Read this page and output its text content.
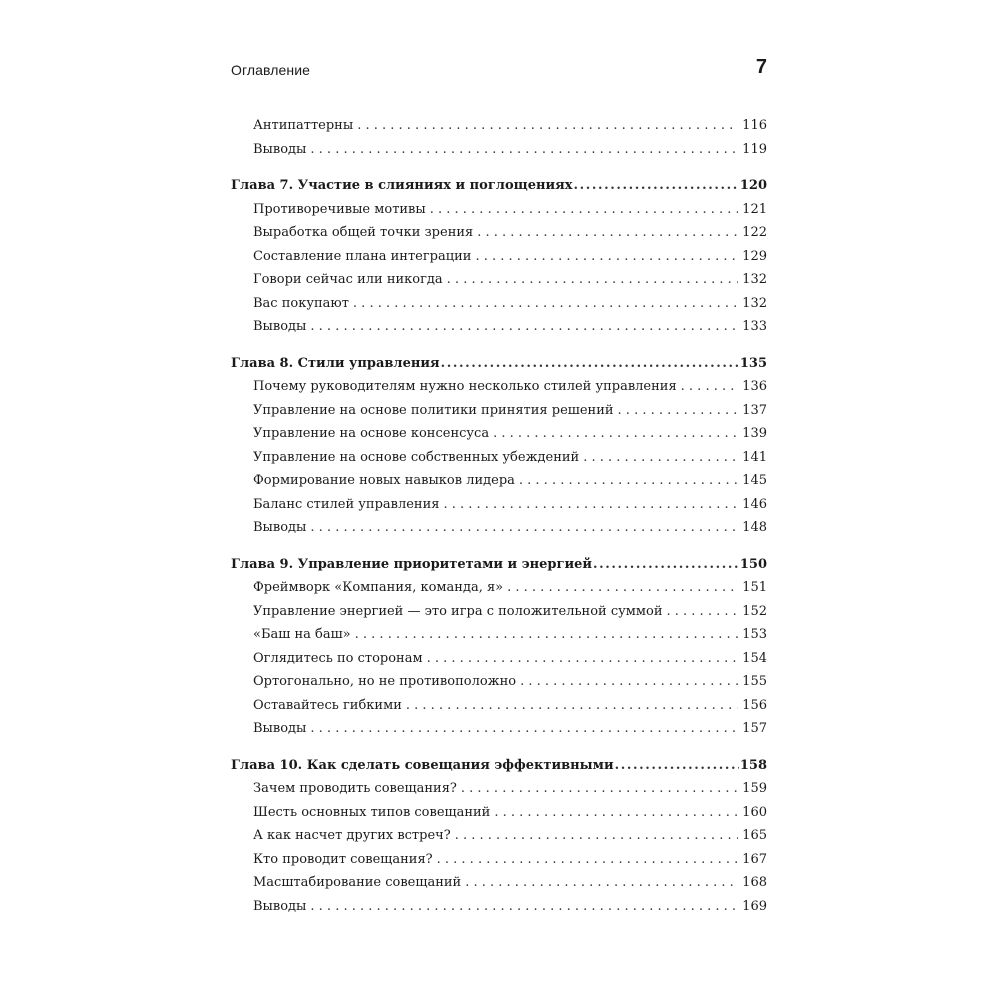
Оглавление	7
Антипаттерны . . .	116
Выводы . . .	119
Глава 7. Участие в слияниях и поглощениях .....	120
Противоречивые мотивы . . .	121
Выработка общей точки зрения . . .	122
Составление плана интеграции . . .	129
Говори сейчас или никогда . . .	132
Вас покупают . . .	132
Выводы . . .	133
Глава 8. Стили управления .....	135
Почему руководителям нужно несколько стилей управления . . .	136
Управление на основе политики принятия решений . . .	137
Управление на основе консенсуса . . .	139
Управление на основе собственных убеждений . . .	141
Формирование новых навыков лидера . . .	145
Баланс стилей управления . . .	146
Выводы . . .	148
Глава 9. Управление приоритетами и энергией .....	150
Фреймворк «Компания, команда, я» . . .	151
Управление энергией — это игра с положительной суммой . . .	152
«Баш на баш» . . .	153
Оглядитесь по сторонам . . .	154
Ортогонально, но не противоположно . . .	155
Оставайтесь гибкими . . .	156
Выводы . . .	157
Глава 10. Как сделать совещания эффективными .....	158
Зачем проводить совещания? . . .	159
Шесть основных типов совещаний . . .	160
А как насчет других встреч? . . .	165
Кто проводит совещания? . . .	167
Масштабирование совещаний . . .	168
Выводы . . .	169
